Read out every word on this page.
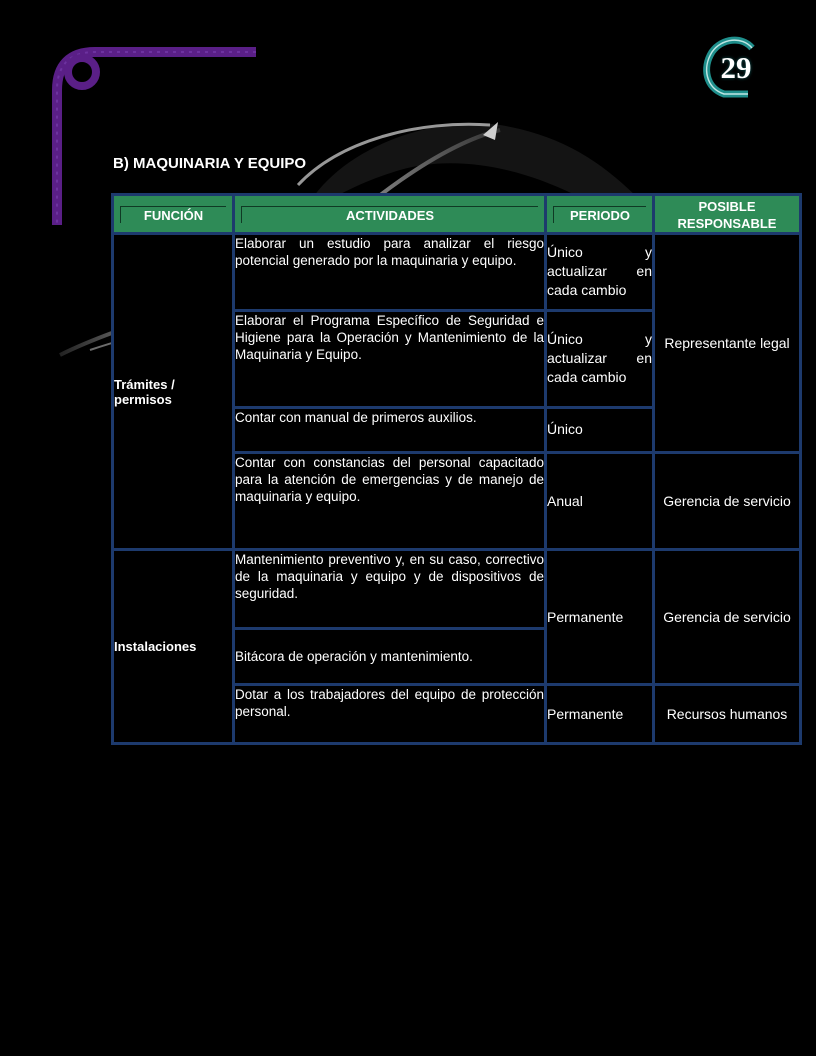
29
B) MAQUINARIA Y EQUIPO
FUNCIÓN	ACTIVIDADES	PERIODO	POSIBLE RESPONSABLE

Trámites / permisos	Elaborar un estudio para analizar el riesgo potencial generado por la maquinaria y equipo.	Único y actualizar en cada cambio	Representante legal
	Elaborar el Programa Específico de Seguridad e Higiene para la Operación y Mantenimiento de la Maquinaria y Equipo.	Único y actualizar en cada cambio	
	Contar con manual de primeros auxilios.	Único	
	Contar con constancias del personal capacitado para la atención de emergencias y de manejo de maquinaria y equipo.	Anual	Gerencia de servicio
Instalaciones	Mantenimiento preventivo y, en su caso, correctivo de la maquinaria y equipo y de dispositivos de seguridad.	Permanente	Gerencia de servicio
	Bitácora de operación y mantenimiento.		
	Dotar a los trabajadores del equipo de protección personal.	Permanente	Recursos humanos
